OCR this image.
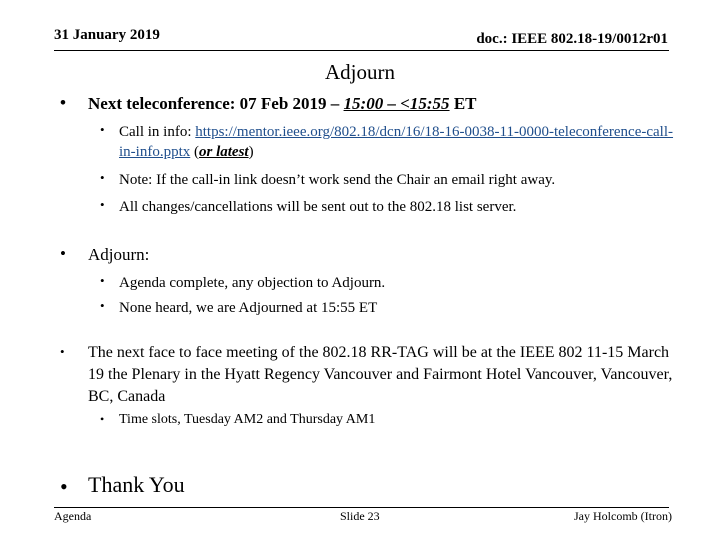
31 January 2019	doc.: IEEE 802.18-19/0012r01
Adjourn
• Next teleconference: 07 Feb 2019 – 15:00 – <15:55 ET
• Call in info: https://mentor.ieee.org/802.18/dcn/16/18-16-0038-11-0000-teleconference-call-in-info.pptx (or latest)
• Note: If the call-in link doesn’t work send the Chair an email right away.
• All changes/cancellations will be sent out to the 802.18 list server.
• Adjourn:
• Agenda complete, any objection to Adjourn.
• None heard, we are Adjourned at 15:55 ET
• The next face to face meeting of the 802.18 RR-TAG will be at the IEEE 802 11-15 March 19 the Plenary in the Hyatt Regency Vancouver and Fairmont Hotel Vancouver, Vancouver, BC, Canada
• Time slots, Tuesday AM2 and Thursday AM1
• Thank You
Agenda	Slide 23	Jay Holcomb (Itron)
